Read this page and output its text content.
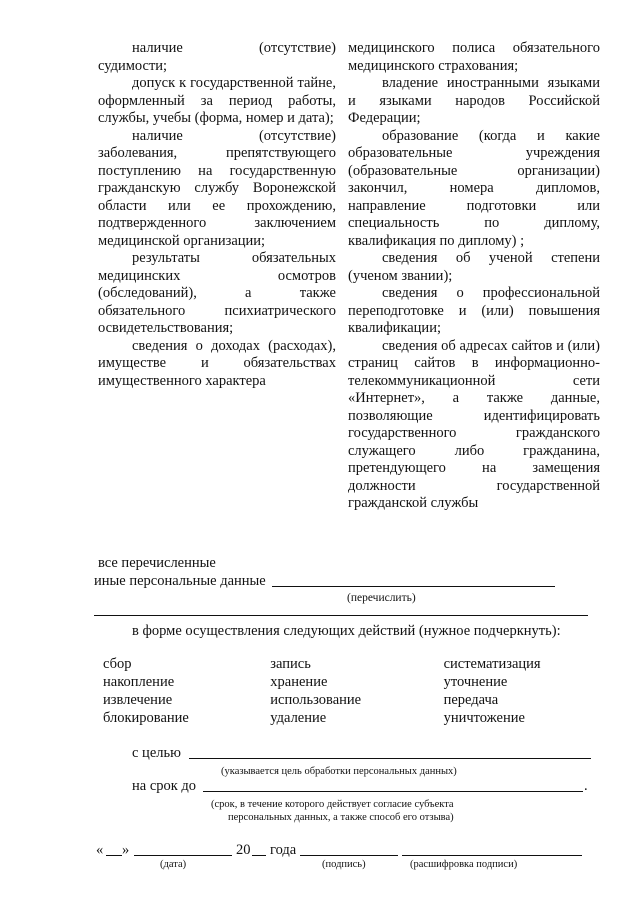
наличие (отсутствие)
судимости;
допуск к государственной тайне, оформленный за период работы, службы, учебы (форма, номер и дата);
наличие (отсутствие) заболевания, препятствующего поступлению на государственную гражданскую службу Воронежской области или ее прохождению, подтвержденного заключением медицинской организации;
результаты обязательных медицинских осмотров (обследований), а также обязательного психиатрического освидетельствования;
сведения о доходах (расходах), имуществе и обязательствах имущественного характера
медицинского полиса обязательного медицинского страхования;
владение иностранными языками и языками народов Российской Федерации;
образование (когда и какие образовательные учреждения (образовательные организации) закончил, номера дипломов, направление подготовки или специальность по диплому, квалификация по диплому) ;
сведения об ученой степени (ученом звании);
сведения о профессиональной переподготовке и (или) повышения квалификации;
сведения об адресах сайтов и (или) страниц сайтов в информационно-телекоммуникационной сети «Интернет», а также данные, позволяющие идентифицировать государственного гражданского служащего либо гражданина, претендующего на замещения должности государственной гражданской службы
все перечисленные
иные персональные данные
(перечислить)
в форме осуществления следующих действий (нужное подчеркнуть):
сбор	запись	систематизация
накопление	хранение	уточнение
извлечение	использование	передача
блокирование	удаление	уничтожение
с целью
(указывается цель обработки персональных данных)
на срок до	.
(срок, в течение которого действует согласие субъекта
персональных данных, а также способ его отзыва)
« »	20 года
(дата)	(подпись)	(расшифровка подписи)
